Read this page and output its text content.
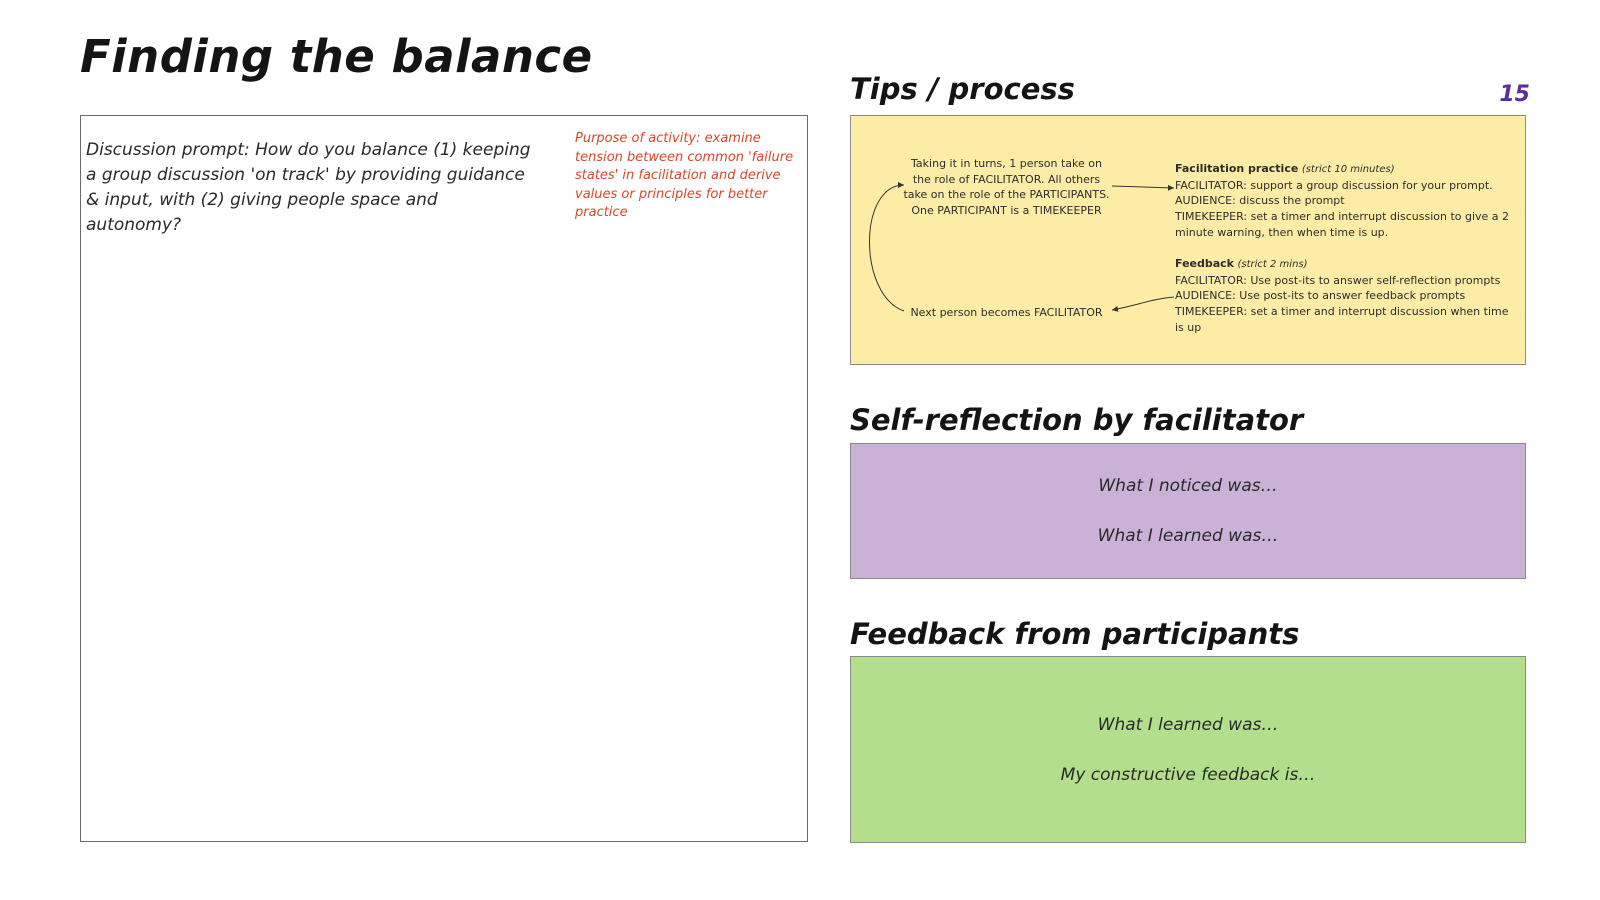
Finding the balance
15
Discussion prompt: How do you balance (1) keeping a group discussion 'on track' by providing guidance & input, with (2) giving people space and autonomy?
Purpose of activity: examine tension between common 'failure states' in facilitation and derive values or principles for better practice
Tips / process
Taking it in turns, 1 person take on the role of FACILITATOR. All others take on the role of the PARTICIPANTS. One PARTICIPANT is a TIMEKEEPER
Next person becomes FACILITATOR
Facilitation practice (strict 10 minutes)
FACILITATOR: support a group discussion for your prompt.
AUDIENCE: discuss the prompt
TIMEKEEPER: set a timer and interrupt discussion to give a 2 minute warning, then when time is up.
Feedback (strict 2 mins)
FACILITATOR: Use post-its to answer self-reflection prompts
AUDIENCE: Use post-its to answer feedback prompts
TIMEKEEPER: set a timer and interrupt discussion when time is up
Self-reflection by facilitator
What I noticed was…
What I learned was…
Feedback from participants
What I learned was…
My constructive feedback is…
